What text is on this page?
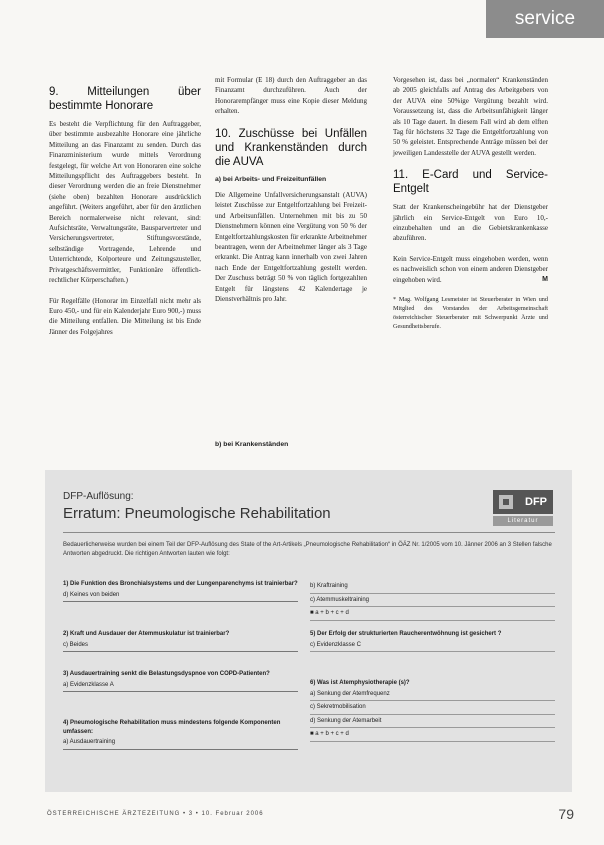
service
9. Mitteilungen über bestimmte Honorare

Es besteht die Verpflichtung für den Auftraggeber, über bestimmte ausbezahlte Honorare eine jährliche Mitteilung an das Finanzamt zu senden. Durch das Finanzministerium wurde mittels Verordnung festgelegt, für welche Art von Honoraren eine solche Mitteilungspflicht des Auftraggebers besteht. In dieser Verordnung werden die an freie Dienstnehmer (siehe oben) bezahlten Honorare ausdrücklich angeführt. (Weiters angeführt, aber für den ärztlichen Bereich normalerweise nicht relevant, sind: Aufsichtsräte, Verwaltungsräte, Bausparvertreter und Versicherungsvertreter, Stiftungsvorstände, selbständige Vortragende, Lehrende und Unterrichtende, Kolporteure und Zeitungszusteller, Privatgeschäftsvermittler, Funktionäre öffentlich-rechtlicher Körperschaften.)

Für Regelfälle (Honorar im Einzelfall nicht mehr als Euro 450,- und für ein Kalenderjahr Euro 900,-) muss die Mitteilung entfallen. Die Mitteilung ist bis Ende Jänner des Folgejahres

mit Formular (E 18) durch den Auftraggeber an das Finanzamt durchzuführen. Auch der Honorarempfänger muss eine Kopie dieser Meldung erhalten.

10. Zuschüsse bei Unfällen und Krankenständen durch die AUVA
a) bei Arbeits- und Freizeitunfällen

Die Allgemeine Unfallversicherungsanstalt (AUVA) leistet Zuschüsse zur Entgeltfortzahlung bei Freizeit- und Arbeitsunfällen. Unternehmen mit bis zu 50 Dienstnehmern können eine Vergütung von 50 % der Entgeltfortzahlungskosten für erkrankte Arbeitnehmer beantragen, wenn der Arbeitnehmer länger als 3 Tage erkrankt. Die Antrag kann innerhalb von zwei Jahren nach Ende der Entgeltfortzahlung gestellt werden. Der Zuschuss beträgt 50 % von täglich fortgezahlten Entgelt für längstens 42 Kalendertage je Dienstverhältnis pro Jahr.

b) bei Krankenständen

Vorgesehen ist, dass bei „normalen“ Krankenständen ab 2005 gleichfalls auf Antrag des Arbeitgebers von der AUVA eine 50%ige Vergütung bezahlt wird. Voraussetzung ist, dass die Arbeitsunfähigkeit länger als 10 Tage dauert. In diesem Fall wird ab dem elften Tag für höchstens 32 Tage die Entgeltfortzahlung von 50 % geleistet. Entsprechende Anträge müssen bei der jeweiligen Landesstelle der AUVA gestellt werden.

11. E-Card und Service-Entgelt

Statt der Krankenscheingebühr hat der Dienstgeber jährlich ein Service-Entgelt von Euro 10,- einzubehalten und an die Gebietskrankenkasse abzuführen.

Kein Service-Entgelt muss eingehoben werden, wenn es nachweislich schon von einem anderen Dienstgeber eingehoben wird.	M

* Mag. Wolfgang Lesmeister ist Steuerberater in Wien und Mitglied des Vorstandes der Arbeitsgemeinschaft österreichischer Steuerberater mit Schwerpunkt Ärzte und Gesundheitsberufe.
DFP-Auflösung:
Erratum: Pneumologische Rehabilitation
DFP
Literatur
Bedauerlicherweise wurden bei einem Teil der DFP-Auflösung des State of the Art-Artikels „Pneumologische Rehabilitation“ in ÖÄZ Nr. 1/2005 vom 10. Jänner 2006 an 3 Stellen falsche Antworten abgedruckt. Die richtigen Antworten lauten wie folgt:
1) Die Funktion des Bronchialsystems und der Lungenparenchyms ist trainierbar?
d) Keines von beiden
2) Kraft und Ausdauer der Atemmuskulatur ist trainierbar?
c) Beides
3) Ausdauertraining senkt die Belastungsdyspnoe von COPD-Patienten?
a) Evidenzklasse A
4) Pneumologische Rehabilitation muss mindestens folgende Komponenten umfassen:
a) Ausdauertraining
b) Kraftraining
c) Atemmuskeltraining
■ a + b + c + d
5) Der Erfolg der strukturierten Raucherentwöhnung ist gesichert ?
c) Evidenzklasse C
6) Was ist Atemphysiotherapie (s)?
a) Senkung der Atemfrequenz
c) Sekretmobilisation
d) Senkung der Atemarbeit
■ a + b + c + d
ÖSTERREICHISCHE ÄRZTEZEITUNG • 3 • 10. Februar 2006	79
